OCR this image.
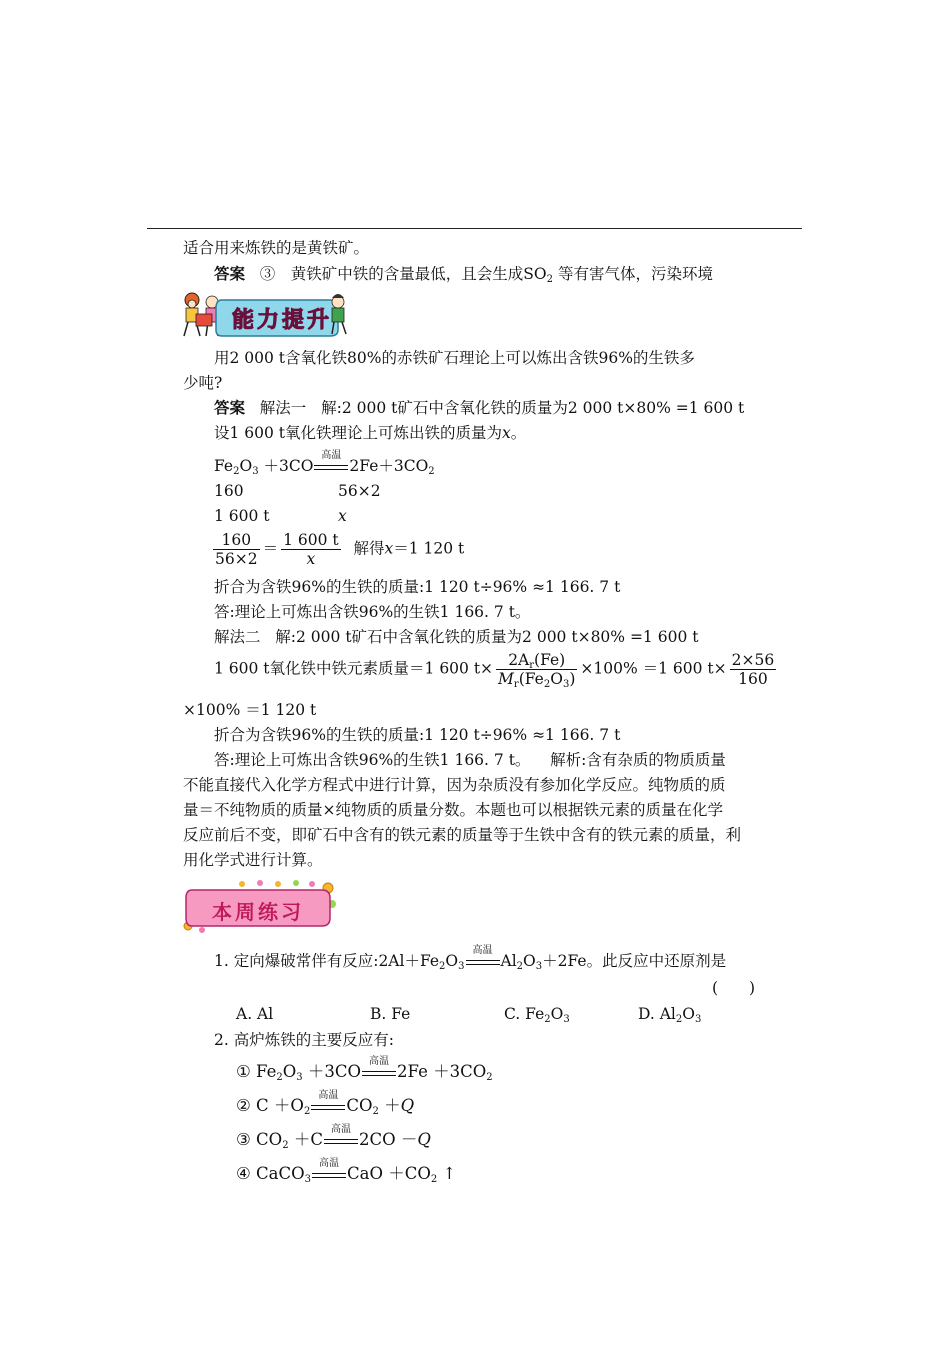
适合用来炼铁的是黄铁矿。
答案 ③　黄铁矿中铁的含量最低，且会生成$SO_2$ 等有害气体，污染环境
能力提升
用2 000 t含氧化铁80%的赤铁矿石理论上可以炼出含铁96%的生铁多
少吨?
答案 解法一 解:2 000 t矿石中含氧化铁的质量为2 000 t×80% =1 600 t
设1 600 t氧化铁理论上可炼出铁的质量为x。
$Fe_2O_3 +3CO$
高温
$2Fe+3CO_2$
160	56×2
1 600 t	x
$\frac{160}{56\times 2} = \frac{1 600 t}{x}$ 解得x＝1 120 t
折合为含铁96%的生铁的质量:1 120 t÷96% ≈1 166. 7 t
答:理论上可炼出含铁96%的生铁1 166. 7 t。
解法二 解:2 000 t矿石中含氧化铁的质量为2 000 t×80% =1 600 t
1 600 t氧化铁中铁元素质量＝1 600 $t\times \frac{2A_r(Fe)}{M_r(Fe_2O_3)} \times 100\% =1$ 600 $t\times \frac{2\times 56}{160}$
×100% ＝1 120 t
折合为含铁96%的生铁的质量:1 120 t÷96% ≈1 166. 7 t
答:理论上可炼出含铁96%的生铁1 166. 7 t。 解析:含有杂质的物质质量
不能直接代入化学方程式中进行计算，因为杂质没有参加化学反应。纯物质的质
量＝不纯物质的质量×纯物质的质量分数。本题也可以根据铁元素的质量在化学
反应前后不变，即矿石中含有的铁元素的质量等于生铁中含有的铁元素的质量，利
用化学式进行计算。
本周练习
1. 定向爆破常伴有反应$:2Al+Fe_2O_3$
高温
$Al_2O_3+2Fe$。此反应中还原剂是
(　　)
A. Al	B. Fe	C. $Fe_2O_3$	D. $Al_2O_3$
2. 高炉炼铁的主要反应有:
① $Fe_2O_3 +3CO$
高温
$2Fe +3CO_2$
② $C +O_2$
高温
$CO_2 +Q$
③ $CO_2 +C$
高温
2CO －Q
④ CaCO$_3$
高温
CaO $+CO_2$ ↑
